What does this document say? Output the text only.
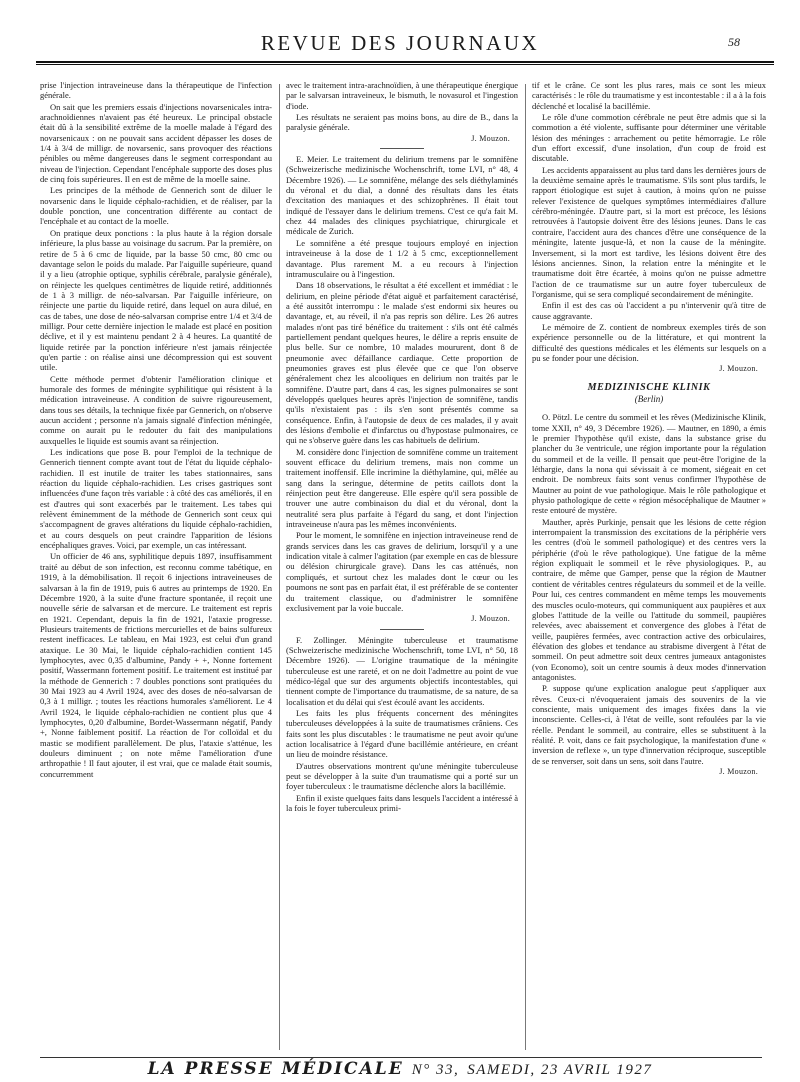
REVUE DES JOURNAUX	58

prise l'injection intraveineuse dans la thérapeutique de l'infection générale.

On sait que les premiers essais d'injections novarsenicales intra-arachnoïdiennes n'avaient pas été heureux. Le principal obstacle était dû à la sensibilité extrême de la moelle malade à l'égard des novarsenicaux : on ne pouvait sans accident dépasser les doses de 1/4 à 3/4 de milligr. de novarsenic, sans provoquer des réactions pénibles ou même dangereuses dans le segment correspondant au niveau de l'injection. Cependant l'encéphale supporte des doses plus de cinq fois supérieures. Il en est de même de la moelle saine.

Les principes de la méthode de Gennerich sont de diluer le novarsenic dans le liquide céphalo-rachidien, et de réaliser, par la double ponction, une concentration différente au contact de l'encéphale et au contact de la moelle.

On pratique deux ponctions : la plus haute à la région dorsale inférieure, la plus basse au voisinage du sacrum. Par la première, on retire de 5 à 6 cmc de liquide, par la basse 50 cmc, 80 cmc ou davantage selon le poids du malade. Par l'aiguille supérieure, quand il y a lieu (atrophie optique, syphilis cérébrale, paralysie générale), on réinjecte les quelques centimètres de liquide retiré, additionnés de 1 à 3 milligr. de néo-salvarsan. Par l'aiguille inférieure, on réinjecte une partie du liquide retiré, dans lequel on aura dilué, en cas de tabes, une dose de néo-salvarsan comprise entre 1/4 et 3/4 de milligr. Pour cette dernière injection le malade est placé en position déclive, et il y est maintenu pendant 2 à 4 heures. La quantité de liquide retirée par la ponction inférieure n'est jamais réinjectée qu'en partie : on réalise ainsi une décompression qui est souvent utile.

Cette méthode permet d'obtenir l'amélioration clinique et humorale des formes de méningite syphilitique qui résistent à la médication intraveineuse. A condition de suivre rigoureusement, dans tous ses détails, la technique fixée par Gennerich, on n'observe aucun accident ; personne n'a jamais signalé d'infection méningée, comme on aurait pu le redouter du fait des manipulations auxquelles le liquide est soumis avant sa réinjection.

Les indications que pose B. pour l'emploi de la technique de Gennerich tiennent compte avant tout de l'état du liquide céphalo-rachidien. Il est inutile de traiter les tabes stationnaires, sans réaction du liquide céphalo-rachidien. Les crises gastriques sont influencées d'une façon très variable : à côté des cas améliorés, il en est d'autres qui sont exacerbés par le traitement. Les tabes qui relèvent éminemment de la méthode de Gennerich sont ceux qui s'accompagnent de graves altérations du liquide céphalo-rachidien, et au cours desquels on peut craindre l'apparition de lésions encéphaliques graves. Voici, par exemple, un cas intéressant.

Un officier de 46 ans, syphilitique depuis 1897, insuffisamment traité au début de son infection, est reconnu comme tabétique, en 1919, à la démobilisation. Il reçoit 6 injections intraveineuses de salvarsan à la fin de 1919, puis 6 autres au printemps de 1920. En Décembre 1920, à la suite d'une fracture spontanée, il reçoit une nouvelle série de salvarsan et de mercure. Le traitement est repris en 1921. Cependant, depuis la fin de 1921, l'ataxie progresse. Plusieurs traitements de frictions mercurielles et de bains sulfureux restent inefficaces. Le tableau, en Mai 1923, est celui d'un grand ataxique. Le 30 Mai, le liquide céphalo-rachidien contient 145 lymphocytes, avec 0,35 d'albumine, Pandy + +, Nonne fortement positif, Wassermann fortement positif. Le traitement est institué par la méthode de Gennerich : 7 doubles ponctions sont pratiquées du 30 Mai 1923 au 4 Avril 1924, avec des doses de néo-salvarsan de 0,3 à 1 milligr. ; toutes les réactions humorales s'améliorent. Le 4 Avril 1924, le liquide céphalo-rachidien ne contient plus que 4 lymphocytes, 0,20 d'albumine, Bordet-Wassermann négatif, Pandy +, Nonne faiblement positif. La réaction de l'or colloïdal et du mastic se modifient parallèlement. De plus, l'ataxie s'atténue, les douleurs diminuent ; on note même l'amélioration d'une arthropathie ! Il faut ajouter, il est vrai, que ce malade était soumis, concurremment

avec le traitement intra-arachnoïdien, à une thérapeutique énergique par le salvarsan intraveineux, le bismuth, le novasurol et l'ingestion d'iode.

Les résultats ne seraient pas moins bons, au dire de B., dans la paralysie générale.

J. Mouzon.

E. Meier. Le traitement du delirium tremens par le somnifène (Schweizerische medizinische Wochenschrift, tome LVI, n° 48, 4 Décembre 1926). — Le somnifène, mélange des sels diéthylaminés du véronal et du dial, a donné des résultats dans les états d'excitation des maniaques et des schizophrènes. Il était tout indiqué de l'essayer dans le delirium tremens. C'est ce qu'a fait M. chez 44 malades des cliniques psychiatrique, chirurgicale et médicale de Zurich.

Le somnifène a été presque toujours employé en injection intraveineuse à la dose de 1 1/2 à 5 cmc, exceptionnellement davantage. Plus rarement M. a eu recours à l'injection intramusculaire ou à l'ingestion.

Dans 18 observations, le résultat a été excellent et immédiat : le delirium, en pleine période d'état aiguë et parfaitement caractérisé, a été aussitôt interrompu : le malade s'est endormi six heures ou davantage, et, au réveil, il n'a pas repris son délire. Les 26 autres malades n'ont pas tiré bénéfice du traitement : s'ils ont été calmés partiellement pendant quelques heures, le délire a repris ensuite de plus belle. Sur ce nombre, 10 malades moururent, dont 8 de pneumonie avec défaillance cardiaque. Cette proportion de pneumonies graves est plus élevée que ce que l'on observe généralement chez les alcooliques en delirium non traités par le somnifène. D'autre part, dans 4 cas, les signes pulmonaires se sont développés quelques heures après l'injection de somnifène, tandis qu'ils n'existaient pas : ils s'en sont présentés comme sa conséquence. Enfin, à l'autopsie de deux de ces malades, il y avait des lésions d'embolie et d'infarctus ou d'hypostase pulmonaires, ce qui ne s'observe guère dans les cas habituels de delirium.

M. considère donc l'injection de somnifène comme un traitement souvent efficace du delirium tremens, mais non comme un traitement inoffensif. Elle incrimine la diéthylamine, qui, mêlée au sang dans la seringue, détermine de petits caillots dont la réinjection peut être dangereuse. Elle espère qu'il sera possible de trouver une autre combinaison du dial et du véronal, dont la neutralité sera plus parfaite à l'égard du sang, et dont l'injection intraveineuse n'aura pas les mêmes inconvénients.

Pour le moment, le somnifène en injection intraveineuse rend de grands services dans les cas graves de delirium, lorsqu'il y a une indication vitale à calmer l'agitation (par exemple en cas de blessure ou délésion chirurgicale grave). Dans les cas atténués, non compliqués, et surtout chez les malades dont le cœur ou les poumons ne sont pas en parfait état, il est préférable de se contenter du traitement classique, ou d'administrer le somnifène exclusivement par la voie buccale.

J. Mouzon.

F. Zollinger. Méningite tuberculeuse et traumatisme (Schweizerische medizinische Wochenschrift, tome LVI, n° 50, 18 Décembre 1926). — L'origine traumatique de la méningite tuberculeuse est une rareté, et on ne doit l'admettre au point de vue médico-légal que sur des arguments objectifs incontestables, qui tiennent compte de l'importance du traumatisme, de sa nature, de sa localisation et du délai qui s'est écoulé avant les accidents.

Les faits les plus fréquents concernent des méningites tuberculeuses développées à la suite de traumatismes crâniens. Ces faits sont les plus discutables : le traumatisme ne peut avoir qu'une action localisatrice à l'égard d'une bacillémie antérieure, en créant un lieu de moindre résistance.

D'autres observations montrent qu'une méningite tuberculeuse peut se développer à la suite d'un traumatisme qui a porté sur un foyer tuberculeux : le traumatisme déclenche alors la bacillémie.

Enfin il existe quelques faits dans lesquels l'accident a intéressé à la fois le foyer tuberculeux primi-

tif et le crâne. Ce sont les plus rares, mais ce sont les mieux caractérisés : le rôle du traumatisme y est incontestable : il a à la fois déclenché et localisé la bacillémie.

Le rôle d'une commotion cérébrale ne peut être admis que si la commotion a été violente, suffisante pour déterminer une véritable lésion des méninges : arrachement ou petite hémorragie. Le rôle d'un effort excessif, d'une insolation, d'un coup de froid est discutable.

Les accidents apparaissent au plus tard dans les dernières jours de la deuxième semaine après le traumatisme. S'ils sont plus tardifs, le rapport étiologique est sujet à caution, à moins qu'on ne puisse relever l'existence de quelques symptômes intermédiaires d'allure cérébro-méningée. D'autre part, si la mort est précoce, les lésions retrouvées à l'autopsie doivent être des lésions jeunes. Dans le cas contraire, l'accident aura des chances d'être une conséquence de la méningite, latente jusque-là, et non la cause de la méningite. Inversement, si la mort est tardive, les lésions doivent être des lésions anciennes. Sinon, la relation entre la méningite et le traumatisme doit être écartée, à moins qu'on ne puisse admettre l'action de ce traumatisme sur un autre foyer tuberculeux de l'organisme, qui se sera compliqué secondairement de méningite.

Enfin il est des cas où l'accident a pu n'intervenir qu'à titre de cause aggravante.

Le mémoire de Z. contient de nombreux exemples tirés de son expérience personnelle ou de la littérature, et qui montrent la difficulté des questions médicales et les éléments sur lesquels on a pu se fonder pour une décision.

J. Mouzon.
MEDIZINISCHE KLINIK
(Berlin)

O. Pötzl. Le centre du sommeil et les rêves (Medizinische Klinik, tome XXII, n° 49, 3 Décembre 1926). — Mautner, en 1890, a émis le premier l'hypothèse qu'il existe, dans la substance grise du plancher du 3e ventricule, une région importante pour la régulation du sommeil et de la veille. Il pensait que peut-être l'origine de la léthargie, dans la nona qui sévissait à ce moment, siégeait en cet endroit. De nombreux faits sont venus confirmer l'hypothèse de Mautner au point de vue pathologique. Mais le rôle pathologique et physio pathologique de cette « région mésocéphalique de Mautner » reste entouré de mystère.

Mauther, après Purkinje, pensait que les lésions de cette région interrompaient la transmission des excitations de la périphérie vers les centres (d'où le sommeil pathologique) et des centres vers la périphérie (d'où le rêve pathologique). Une fatigue de la même région expliquait le sommeil et le rêve physiologiques. P., au contraire, de même que Gamper, pense que la région de Mautner contient de véritables centres régulateurs du sommeil et de la veille. Pour lui, ces centres commandent en même temps les mouvements des muscles oculo-moteurs, qui communiquent aux paupières et aux globes l'attitude de la veille ou l'attitude du sommeil, paupières relevées, avec abaissement et convergence des globes à l'état de veille, paupières fermées, avec contraction active des orbiculaires, élévation des globes et tendance au strabisme divergent à l'état de sommeil. On peut admettre soit deux centres jumeaux antagonistes (von Economo), soit un centre soumis à deux modes d'innervation antagonistes.

P. suppose qu'une explication analogue peut s'appliquer aux rêves. Ceux-ci n'évoqueraient jamais des souvenirs de la vie consciente, mais uniquement des images fixées dans la vie inconsciente. Celles-ci, à l'état de veille, sont refoulées par la vie réelle. Pendant le sommeil, au contraire, elles se substituent à la réalité. P. voit, dans ce fait psychologique, la manifestation d'une « inversion de reflexe », un type d'innervation réciproque, susceptible de se renverser, soit dans un sens, soit dans l'autre.

J. Mouzon.
LA PRESSE MÉDICALE N° 33, SAMEDI, 23 AVRIL 1927
